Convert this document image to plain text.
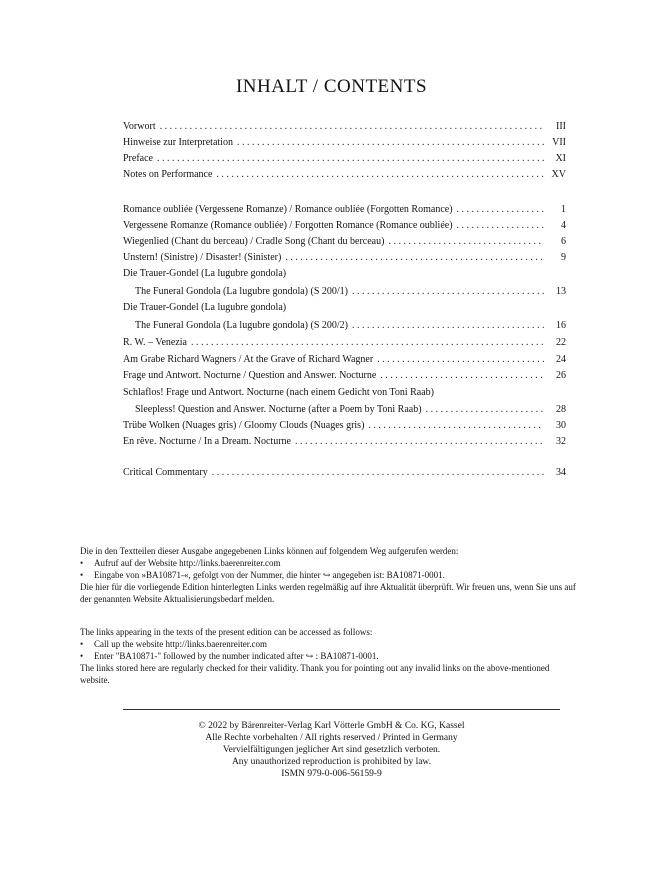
INHALT / CONTENTS
Vorwort . . .	III
Hinweise zur Interpretation . . .	VII
Preface . . .	XI
Notes on Performance . . .	XV
Romance oubliée (Vergessene Romanze) / Romance oubliée (Forgotten Romance) . . .	1
Vergessene Romanze (Romance oubliée) / Forgotten Romance (Romance oubliée) . . .	4
Wiegenlied (Chant du berceau) / Cradle Song (Chant du berceau) . . .	6
Unstern! (Sinistre) / Disaster! (Sinister) . . .	9
Die Trauer-Gondel (La lugubre gondola)
The Funeral Gondola (La lugubre gondola) (S 200/1) . . .	13
Die Trauer-Gondel (La lugubre gondola)
The Funeral Gondola (La lugubre gondola) (S 200/2) . . .	16
R. W. – Venezia . . .	22
Am Grabe Richard Wagners / At the Grave of Richard Wagner . . .	24
Frage und Antwort. Nocturne / Question and Answer. Nocturne . . .	26
Schlaflos! Frage und Antwort. Nocturne (nach einem Gedicht von Toni Raab)
Sleepless! Question and Answer. Nocturne (after a Poem by Toni Raab) . . .	28
Trübe Wolken (Nuages gris) / Gloomy Clouds (Nuages gris) . . .	30
En rêve. Nocturne / In a Dream. Nocturne . . .	32
Critical Commentary . . .	34

Die in den Textteilen dieser Ausgabe angegebenen Links können auf folgendem Weg aufgerufen werden:

•	Aufruf auf der Website http://links.baerenreiter.com
•	Eingabe von »BA10871-«, gefolgt von der Nummer, die hinter ↪ angegeben ist: BA10871-0001.

Die hier für die vorliegende Edition hinterlegten Links werden regelmäßig auf ihre Aktualität überprüft. Wir freuen uns, wenn Sie uns auf der genannten Website Aktualisierungsbedarf melden.

The links appearing in the texts of the present edition can be accessed as follows:

•	Call up the website http://links.baerenreiter.com
•	Enter "BA10871-" followed by the number indicated after ↪ : BA10871-0001.

The links stored here are regularly checked for their validity. Thank you for pointing out any invalid links on the above-mentioned website.

© 2022 by Bärenreiter-Verlag Karl Vötterle GmbH & Co. KG, Kassel
Alle Rechte vorbehalten / All rights reserved / Printed in Germany
Vervielfältigungen jeglicher Art sind gesetzlich verboten.
Any unauthorized reproduction is prohibited by law.
ISMN 979-0-006-56159-9
